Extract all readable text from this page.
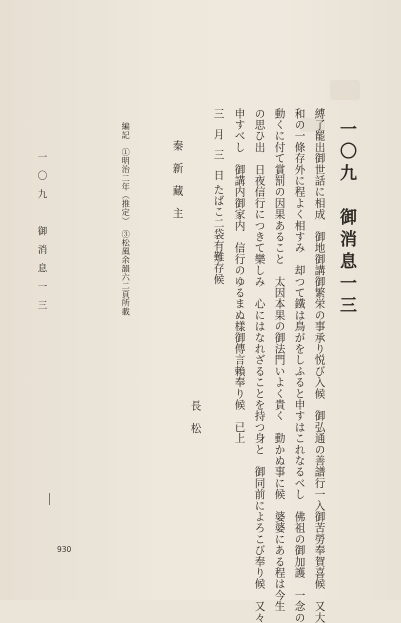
一〇九　御消息一三
縛了罷出御世話に相成　御地御講御繁栄の事承り悦び入候　御弘通の善譜行一入御苦勞奉賀喜候　又大
和の一條存外に程よく相すみ　却つて鐵は鳥がをしふると申すはこれなるべし　佛祖の御加護　一念の
動くに付て賞罰の因果あること　太因本果の御法門いよく貴く　動かぬ事に候　婆婆にある程は今生
の思ひ出　日夜信行につきて樂しみ　心にはなれざることを持つ身と　御同前によろこび奉り候　又々
申すべし　御講内御家内　信行のゆるまぬ樣御傳言賴奉り候　已上
三月三日
たばこ二袋有難存候
長松
秦新藏主
編記　①明治二年（推定）　③松風余韻六二頁所載
一〇九　御消息一三
930
